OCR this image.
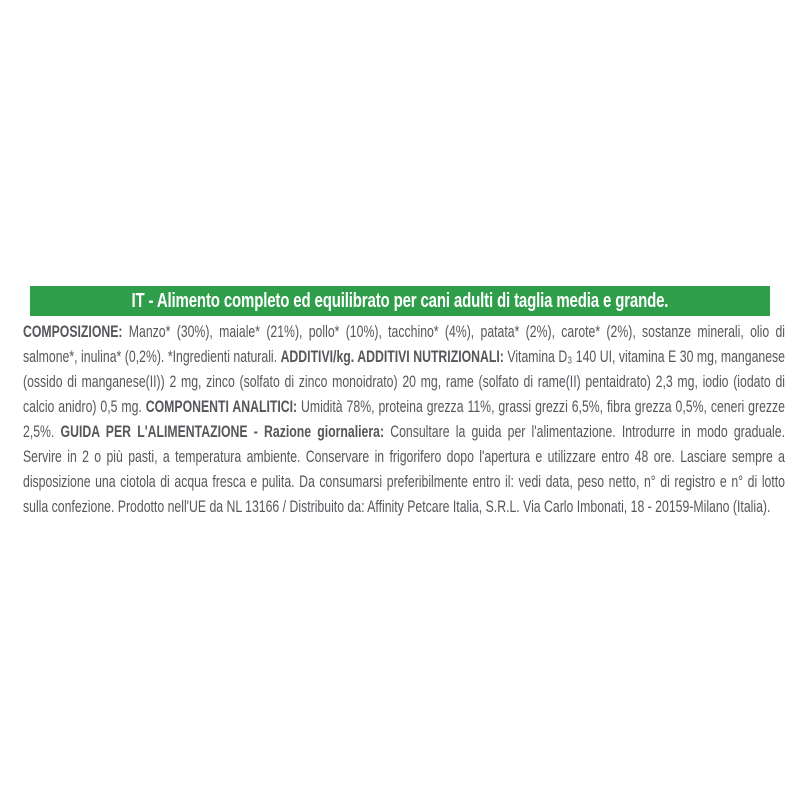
IT - Alimento completo ed equilibrato per cani adulti di taglia media e grande.
COMPOSIZIONE: Manzo* (30%), maiale* (21%), pollo* (10%), tacchino* (4%), patata* (2%), carote* (2%), sostanze minerali, olio di salmone*, inulina* (0,2%). *Ingredienti naturali. ADDITIVI/kg. ADDITIVI NUTRIZIONALI: Vitamina D₃ 140 UI, vitamina E 30 mg, manganese (ossido di manganese(II)) 2 mg, zinco (solfato di zinco monoidrato) 20 mg, rame (solfato di rame(II) pentaidrato) 2,3 mg, iodio (iodato di calcio anidro) 0,5 mg. COMPONENTI ANALITICI: Umidità 78%, proteina grezza 11%, grassi grezzi 6,5%, fibra grezza 0,5%, ceneri grezze 2,5%. GUIDA PER L'ALIMENTAZIONE - Razione giornaliera: Consultare la guida per l'alimentazione. Introdurre in modo graduale. Servire in 2 o più pasti, a temperatura ambiente. Conservare in frigorifero dopo l'apertura e utilizzare entro 48 ore. Lasciare sempre a disposizione una ciotola di acqua fresca e pulita. Da consumarsi preferibilmente entro il: vedi data, peso netto, n° di registro e n° di lotto sulla confezione. Prodotto nell'UE da NL 13166 / Distribuito da: Affinity Petcare Italia, S.R.L. Via Carlo Imbonati, 18 - 20159-Milano (Italia).
